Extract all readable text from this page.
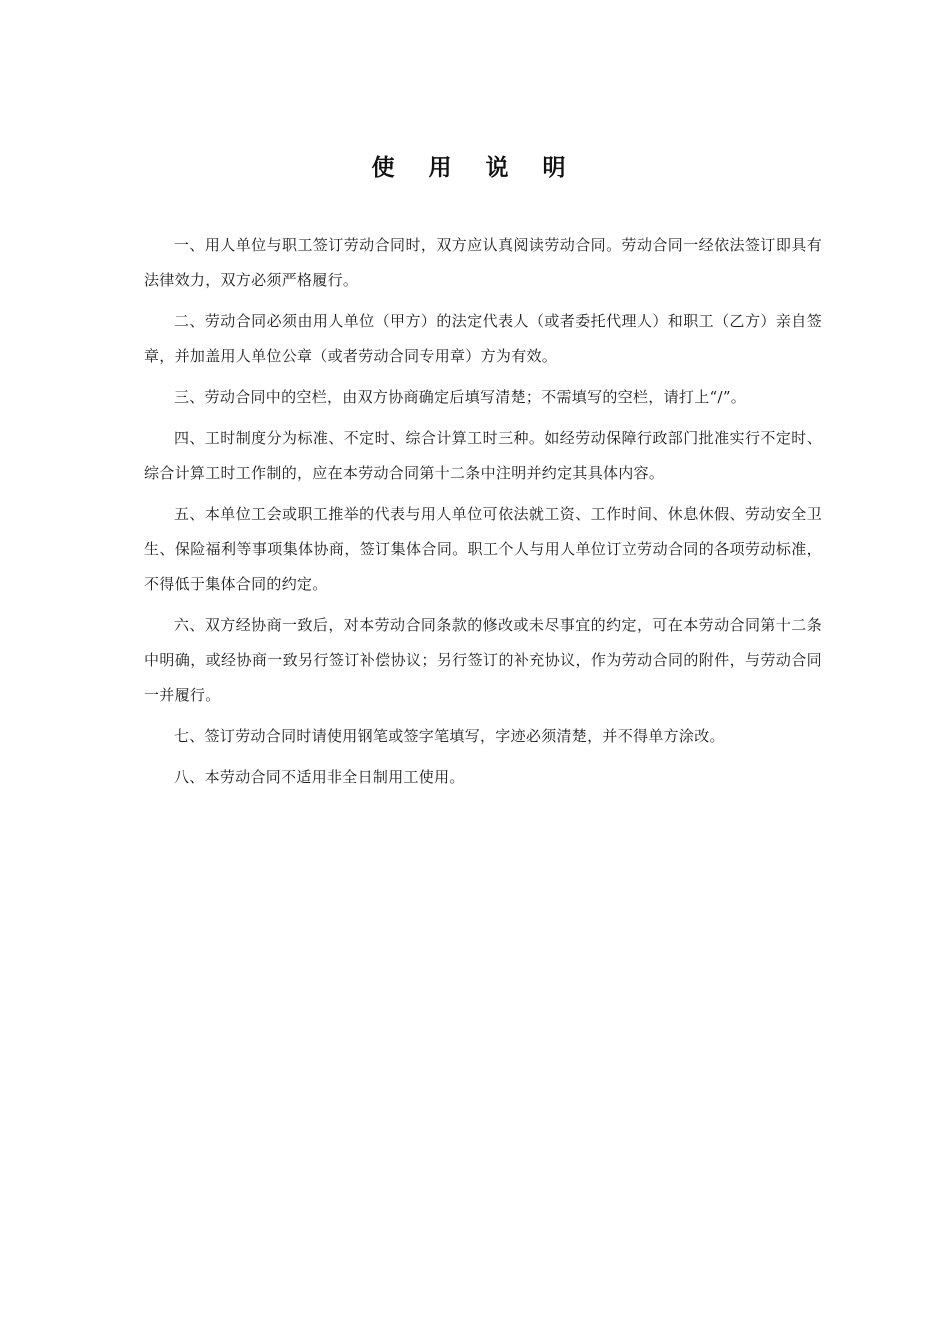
使 用 说 明

一、用人单位与职工签订劳动合同时，双方应认真阅读劳动合同。劳动合同一经依法签订即具有法律效力，双方必须严格履行。

二、劳动合同必须由用人单位（甲方）的法定代表人（或者委托代理人）和职工（乙方）亲自签章，并加盖用人单位公章（或者劳动合同专用章）方为有效。

三、劳动合同中的空栏，由双方协商确定后填写清楚；不需填写的空栏，请打上“/”。

四、工时制度分为标准、不定时、综合计算工时三种。如经劳动保障行政部门批准实行不定时、综合计算工时工作制的，应在本劳动合同第十二条中注明并约定其具体内容。

五、本单位工会或职工推举的代表与用人单位可依法就工资、工作时间、休息休假、劳动安全卫生、保险福利等事项集体协商，签订集体合同。职工个人与用人单位订立劳动合同的各项劳动标准，不得低于集体合同的约定。

六、双方经协商一致后，对本劳动合同条款的修改或未尽事宜的约定，可在本劳动合同第十二条中明确，或经协商一致另行签订补偿协议；另行签订的补充协议，作为劳动合同的附件，与劳动合同一并履行。

七、签订劳动合同时请使用钢笔或签字笔填写，字迹必须清楚，并不得单方涂改。

八、本劳动合同不适用非全日制用工使用。
